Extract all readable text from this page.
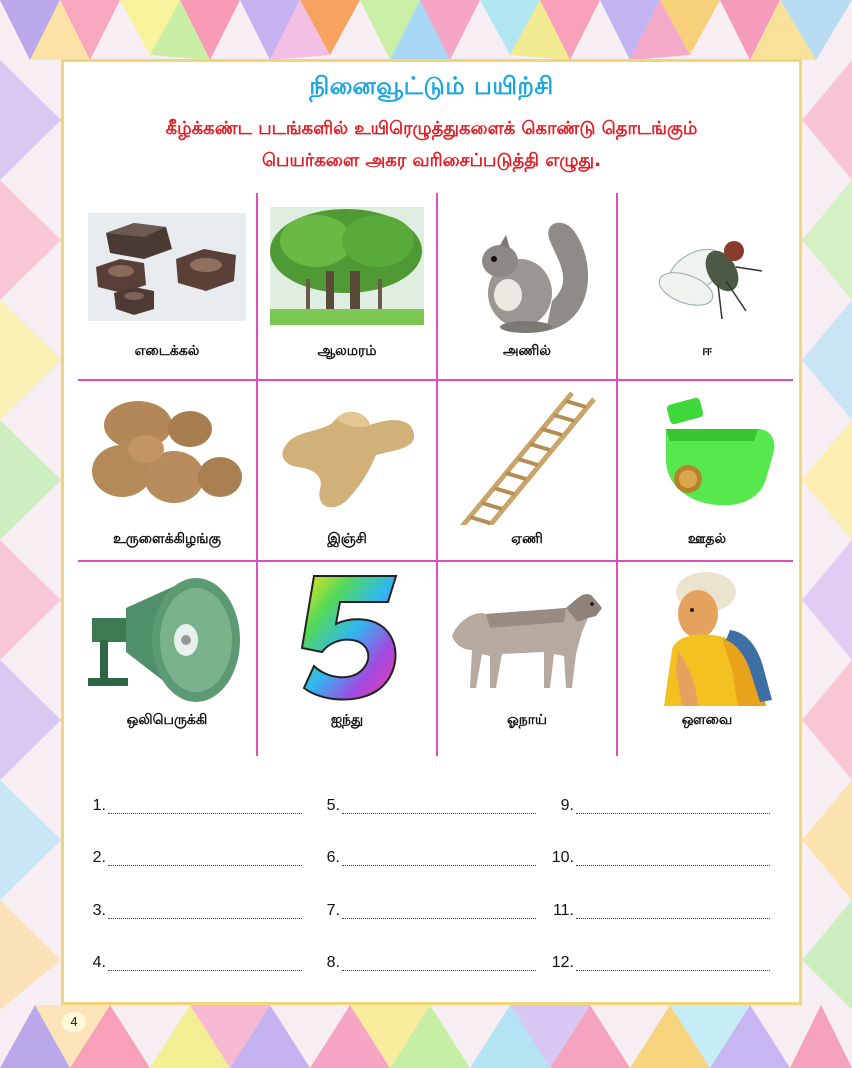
நினைவூட்டும் பயிற்சி
கீழ்க்கண்ட படங்களில் உயிரெழுத்துகளைக் கொண்டு தொடங்கும்
பெயர்களை அகர வரிசைப்படுத்தி எழுது.
எடைக்கல்	ஆலமரம்	அணில்	ஈ
உருளைக்கிழங்கு	இஞ்சி	ஏணி	ஊதல்
ஒலிபெருக்கி	ஐந்து	ஓநாய்	ஔவை
1.
2.
3.
4.
5.
6.
7.
8.
9.
10.
11.
12.
4
